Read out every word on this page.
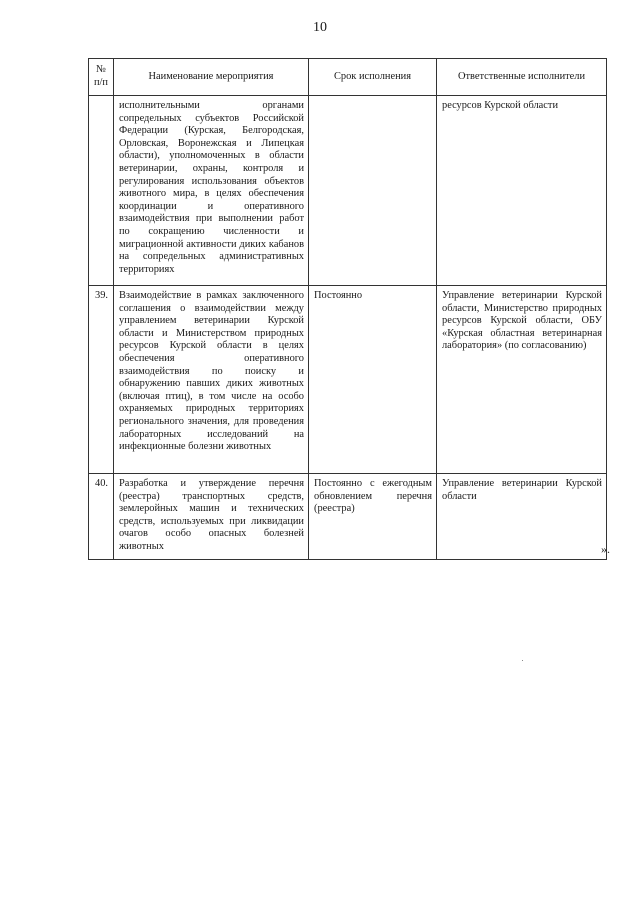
10
№ п/п	Наименование мероприятия	Срок исполнения	Ответственные исполнители
	исполнительными органами сопредельных субъектов Российской Федерации (Курская, Белгородская, Орловская, Воронежская и Липецкая области), уполномоченных в области ветеринарии, охраны, контроля и регулирования использования объектов животного мира, в целях обеспечения координации и оперативного взаимодействия при выполнении работ по сокращению численности и миграционной активности диких кабанов на сопредельных административных территориях		ресурсов Курской области
39.	Взаимодействие в рамках заключенного соглашения о взаимодействии между управлением ветеринарии Курской области и Министерством природных ресурсов Курской области в целях обеспечения оперативного взаимодействия по поиску и обнаружению павших диких животных (включая птиц), в том числе на особо охраняемых природных территориях регионального значения, для проведения лабораторных исследований на инфекционные болезни животных	Постоянно	Управление ветеринарии Курской области, Министерство природных ресурсов Курской области, ОБУ «Курская областная ветеринарная лаборатория» (по согласованию)
40.	Разработка и утверждение перечня (реестра) транспортных средств, землеройных машин и технических средств, используемых при ликвидации очагов особо опасных болезней животных	Постоянно с ежегодным обновлением перечня (реестра)	Управление ветеринарии Курской области
».
